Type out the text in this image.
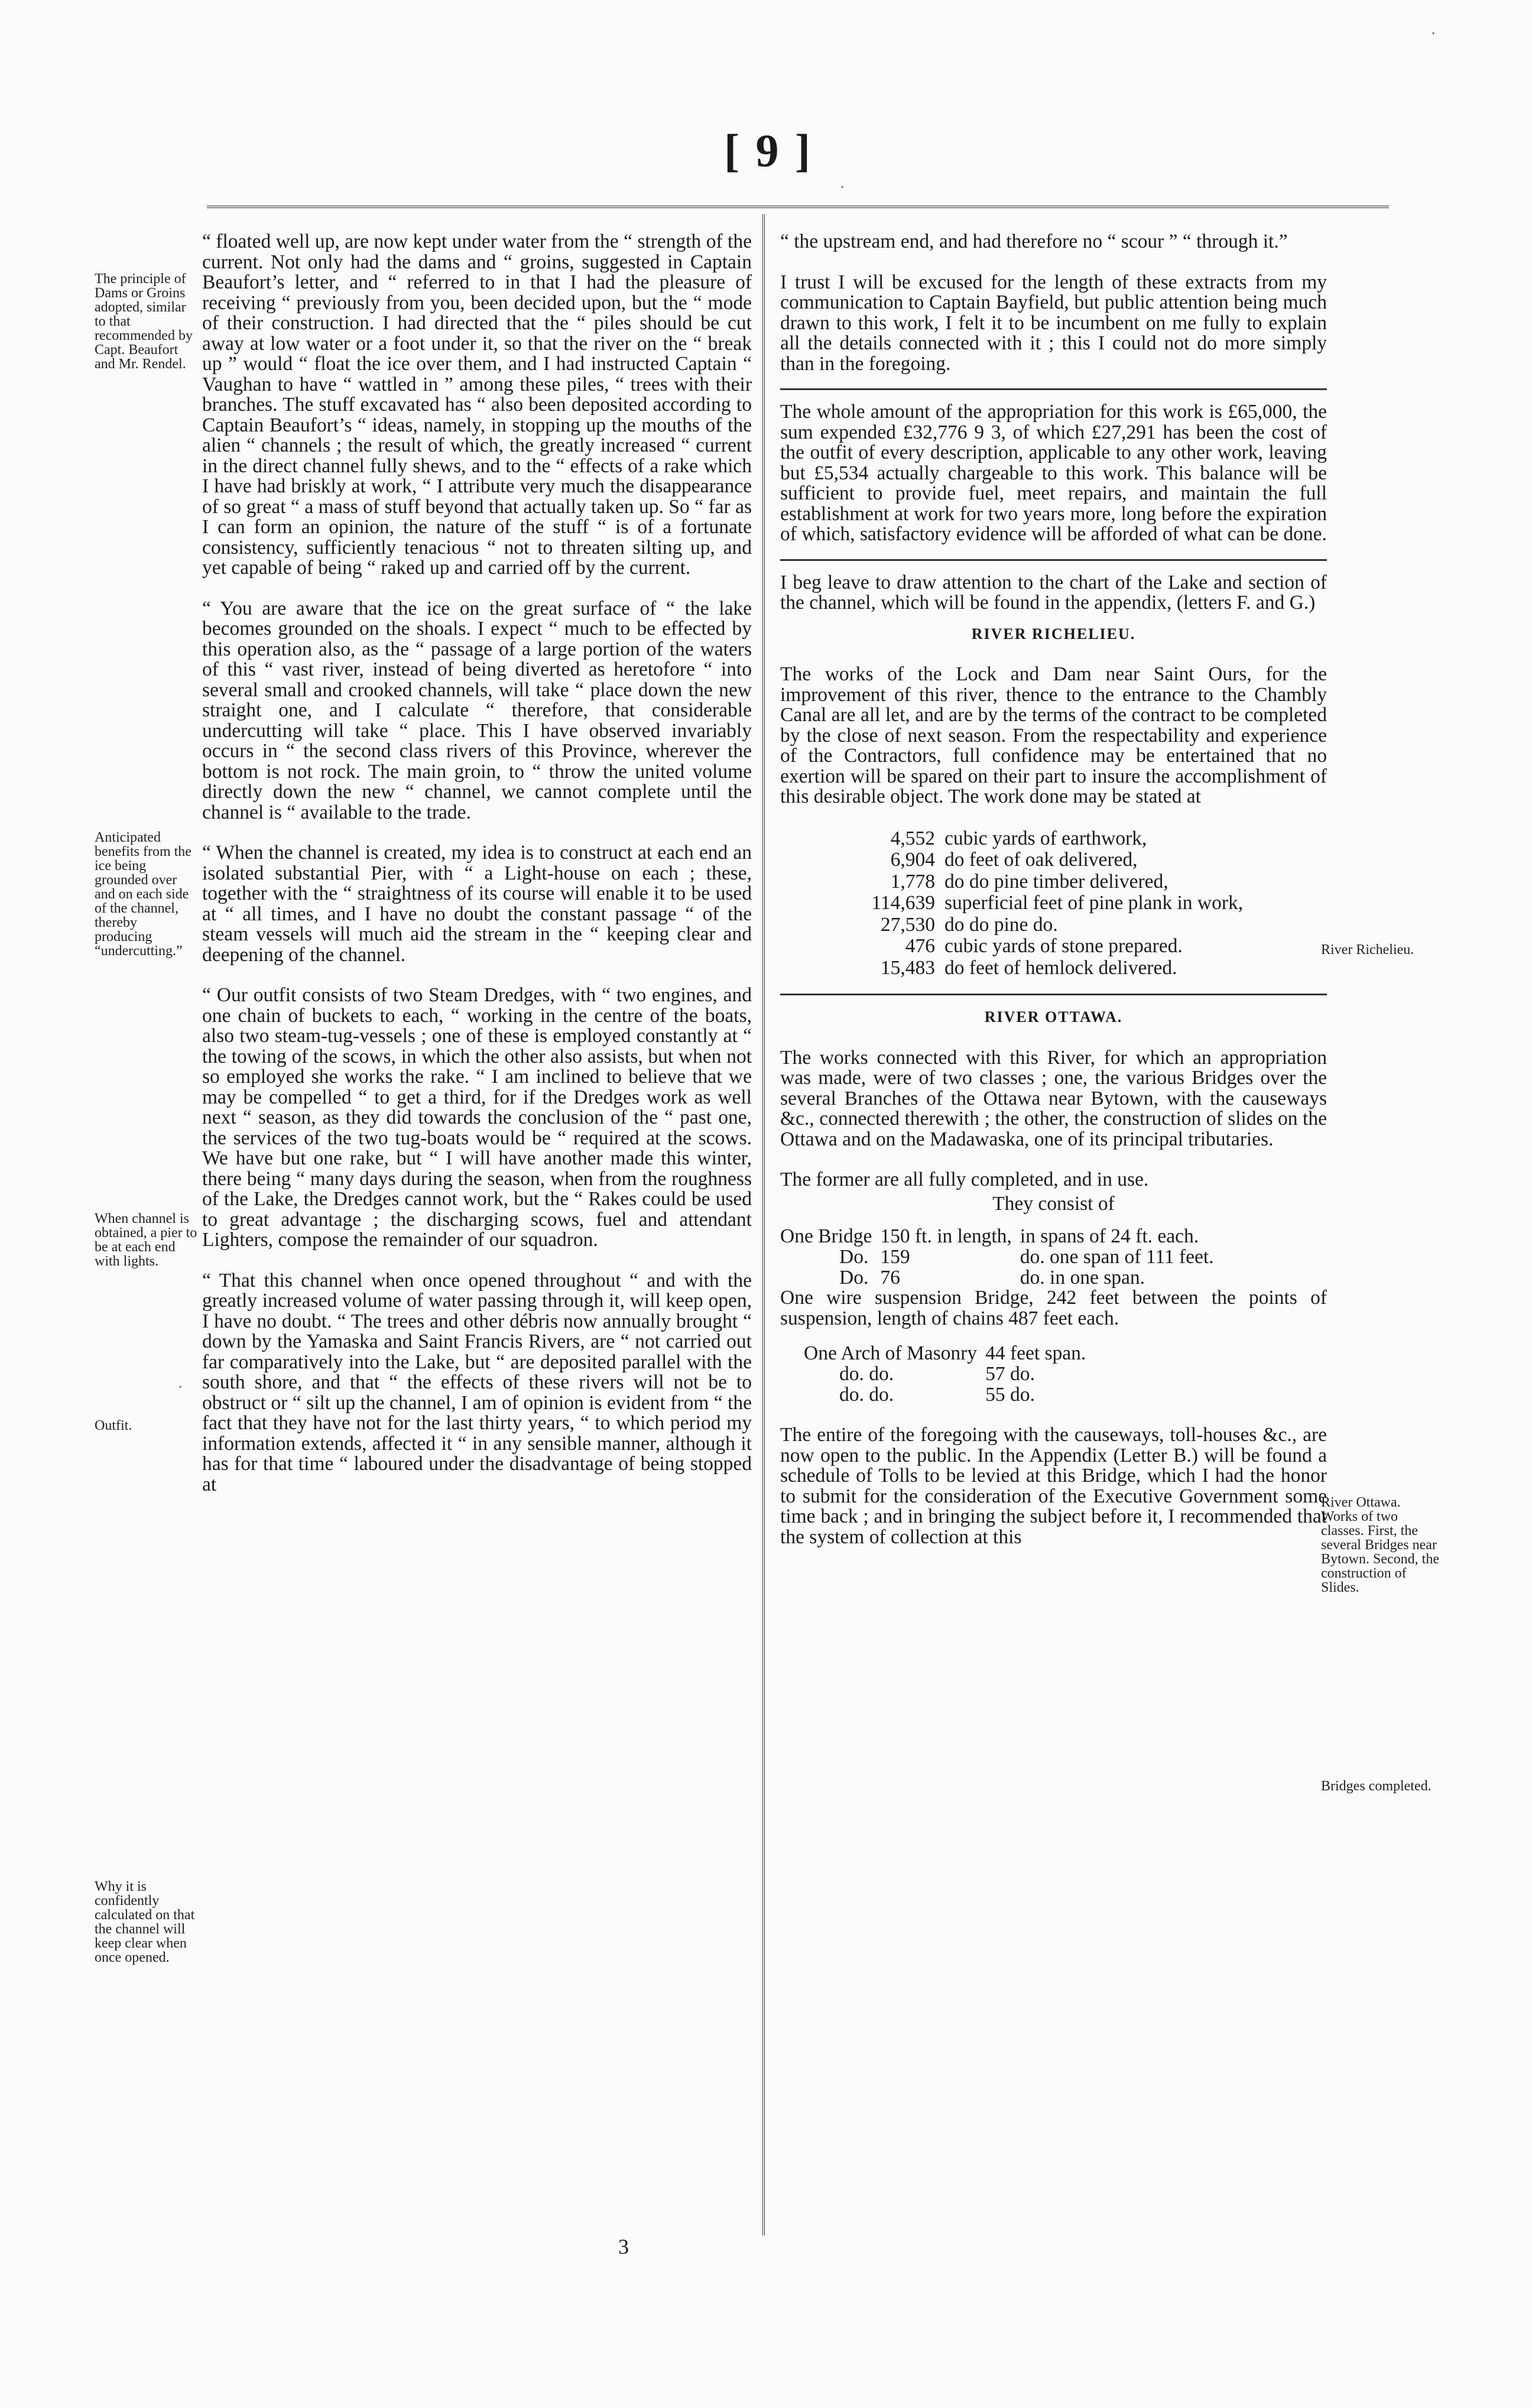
[ 9 ]
The principle of Dams or Groins adopted, similar to that recommended by Capt. Beaufort and Mr. Rendel.
Anticipated benefits from the ice being grounded over and on each side of the channel, thereby producing “undercutting.”
When channel is obtained, a pier to be at each end with lights.
Outfit.
Why it is confidently calculated on that the channel will keep clear when once opened.
River Richelieu.
River Ottawa. Works of two classes. First, the several Bridges near Bytown. Second, the construction of Slides.
Bridges completed.

“ floated well up, are now kept under water from the “ strength of the current. Not only had the dams and “ groins, suggested in Captain Beaufort’s letter, and “ referred to in that I had the pleasure of receiving “ previously from you, been decided upon, but the “ mode of their construction. I had directed that the “ piles should be cut away at low water or a foot under it, so that the river on the “ break up ” would “ float the ice over them, and I had instructed Captain “ Vaughan to have “ wattled in ” among these piles, “ trees with their branches. The stuff excavated has “ also been deposited according to Captain Beaufort’s “ ideas, namely, in stopping up the mouths of the alien “ channels ; the result of which, the greatly increased “ current in the direct channel fully shews, and to the “ effects of a rake which I have had briskly at work, “ I attribute very much the disappearance of so great “ a mass of stuff beyond that actually taken up. So “ far as I can form an opinion, the nature of the stuff “ is of a fortunate consistency, sufficiently tenacious “ not to threaten silting up, and yet capable of being “ raked up and carried off by the current.

“ You are aware that the ice on the great surface of “ the lake becomes grounded on the shoals. I expect “ much to be effected by this operation also, as the “ passage of a large portion of the waters of this “ vast river, instead of being diverted as heretofore “ into several small and crooked channels, will take “ place down the new straight one, and I calculate “ therefore, that considerable undercutting will take “ place. This I have observed invariably occurs in “ the second class rivers of this Province, wherever the bottom is not rock. The main groin, to “ throw the united volume directly down the new “ channel, we cannot complete until the channel is “ available to the trade.

“ When the channel is created, my idea is to construct at each end an isolated substantial Pier, with “ a Light-house on each ; these, together with the “ straightness of its course will enable it to be used at “ all times, and I have no doubt the constant passage “ of the steam vessels will much aid the stream in the “ keeping clear and deepening of the channel.

“ Our outfit consists of two Steam Dredges, with “ two engines, and one chain of buckets to each, “ working in the centre of the boats, also two steam-tug-vessels ; one of these is employed constantly at “ the towing of the scows, in which the other also assists, but when not so employed she works the rake. “ I am inclined to believe that we may be compelled “ to get a third, for if the Dredges work as well next “ season, as they did towards the conclusion of the “ past one, the services of the two tug-boats would be “ required at the scows. We have but one rake, but “ I will have another made this winter, there being “ many days during the season, when from the roughness of the Lake, the Dredges cannot work, but the “ Rakes could be used to great advantage ; the discharging scows, fuel and attendant Lighters, compose the remainder of our squadron.

“ That this channel when once opened throughout “ and with the greatly increased volume of water passing through it, will keep open, I have no doubt. “ The trees and other débris now annually brought “ down by the Yamaska and Saint Francis Rivers, are “ not carried out far comparatively into the Lake, but “ are deposited parallel with the south shore, and that “ the effects of these rivers will not be to obstruct or “ silt up the channel, I am of opinion is evident from “ the fact that they have not for the last thirty years, “ to which period my information extends, affected it “ in any sensible manner, although it has for that time “ laboured under the disadvantage of being stopped at

“ the upstream end, and had therefore no “ scour ” “ through it.”

I trust I will be excused for the length of these extracts from my communication to Captain Bayfield, but public attention being much drawn to this work, I felt it to be incumbent on me fully to explain all the details connected with it ; this I could not do more simply than in the foregoing.

The whole amount of the appropriation for this work is £65,000, the sum expended £32,776 9 3, of which £27,291 has been the cost of the outfit of every description, applicable to any other work, leaving but £5,534 actually chargeable to this work. This balance will be sufficient to provide fuel, meet repairs, and maintain the full establishment at work for two years more, long before the expiration of which, satisfactory evidence will be afforded of what can be done.

I beg leave to draw attention to the chart of the Lake and section of the channel, which will be found in the appendix, (letters F. and G.)

RIVER RICHELIEU.

The works of the Lock and Dam near Saint Ours, for the improvement of this river, thence to the entrance to the Chambly Canal are all let, and are by the terms of the contract to be completed by the close of next season. From the respectability and experience of the Contractors, full confidence may be entertained that no exertion will be spared on their part to insure the accomplishment of this desirable object. The work done may be stated at

4,552	cubic yards of earthwork,
6,904	do feet of oak delivered,
1,778	do do pine timber delivered,
114,639	superficial feet of pine plank in work,
27,530	do do pine do.
476	cubic yards of stone prepared.
15,483	do feet of hemlock delivered.
RIVER OTTAWA.

The works connected with this River, for which an appropriation was made, were of two classes ; one, the various Bridges over the several Branches of the Ottawa near Bytown, with the causeways &c., connected therewith ; the other, the construction of slides on the Ottawa and on the Madawaska, one of its principal tributaries.

The former are all fully completed, and in use.

They consist of
One Bridge	150 ft. in length,	in spans of 24 ft. each.
Do.	159	do. one span of 111 feet.
Do.	76	do. in one span.

One wire suspension Bridge, 242 feet between the points of suspension, length of chains 487 feet each.

One Arch of Masonry	44 feet span.
do. do.	57 do.
do. do.	55 do.

The entire of the foregoing with the causeways, toll-houses &c., are now open to the public. In the Appendix (Letter B.) will be found a schedule of Tolls to be levied at this Bridge, which I had the honor to submit for the consideration of the Executive Government some time back ; and in bringing the subject before it, I recommended that the system of collection at this

3
·
·
·
